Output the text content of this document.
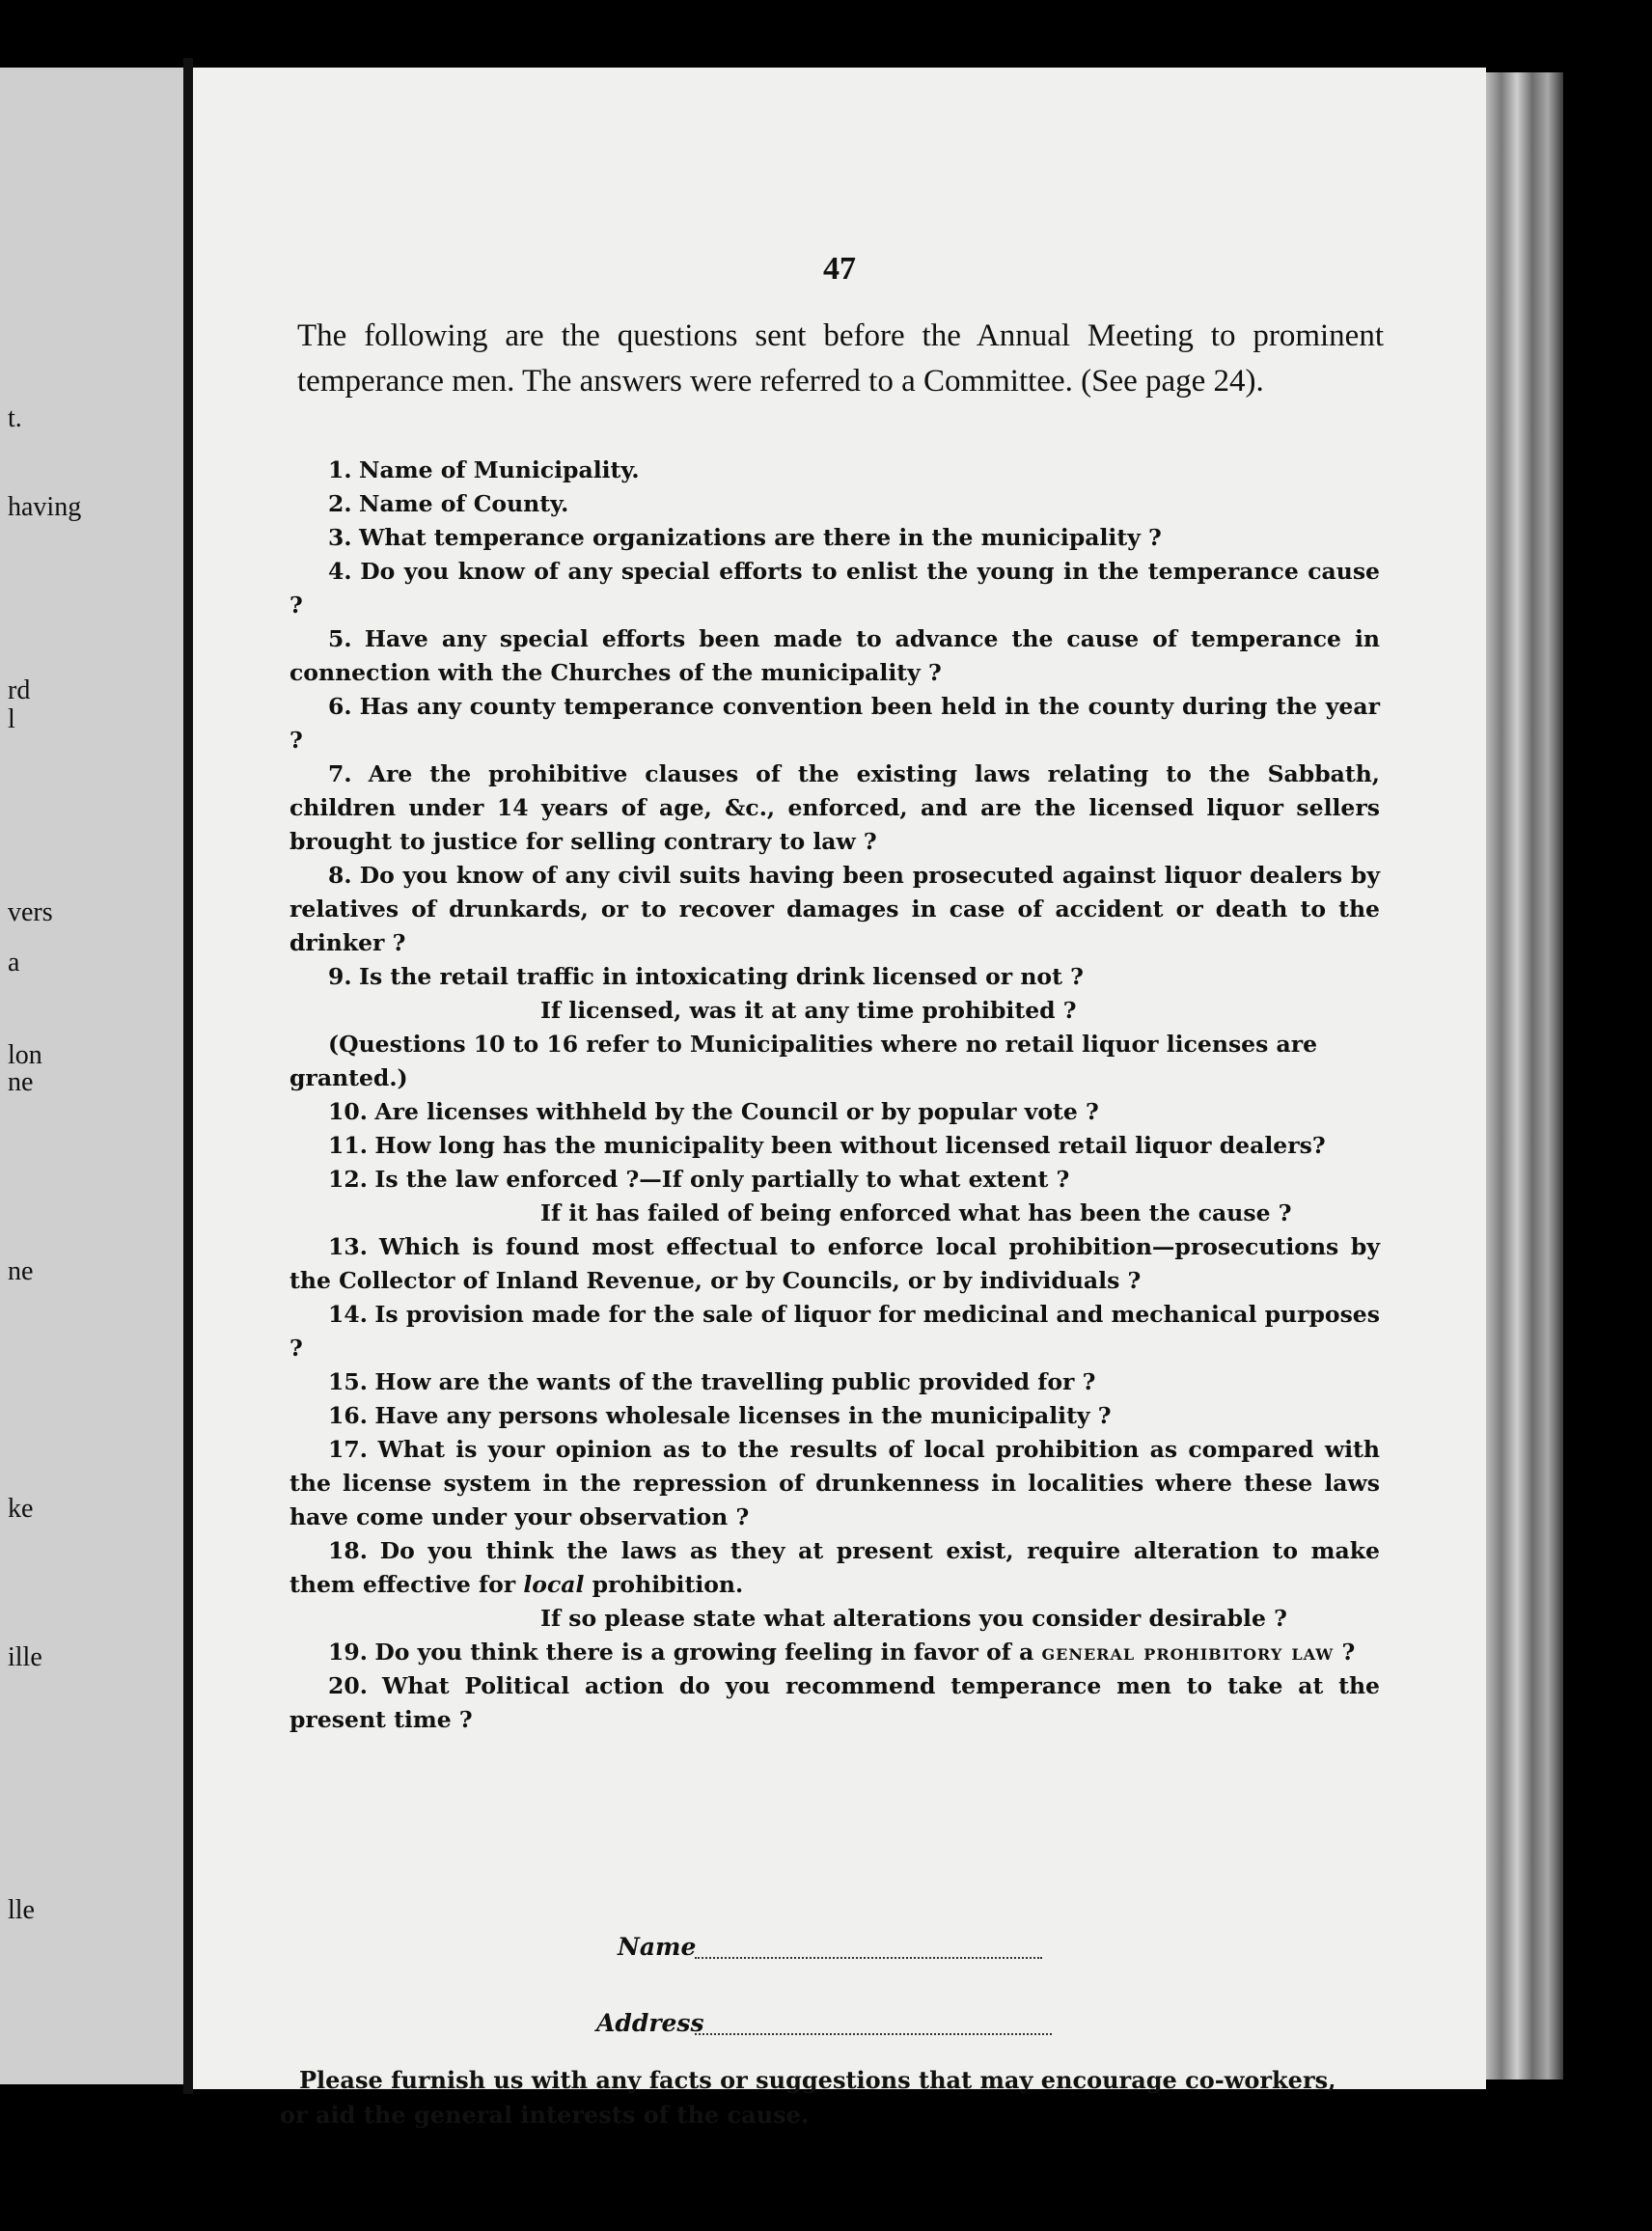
t.
having
rd
l
vers
a
lon
ne
ne
ke
ille
lle
47
The following are the questions sent before the Annual Meeting to prominent temperance men. The answers were referred to a Committee. (See page 24).

1. Name of Municipality.

2. Name of County.

3. What temperance organizations are there in the municipality ?

4. Do you know of any special efforts to enlist the young in the temperance cause ?

5. Have any special efforts been made to advance the cause of temperance in connection with the Churches of the municipality ?

6. Has any county temperance convention been held in the county during the year ?

7. Are the prohibitive clauses of the existing laws relating to the Sabbath, children under 14 years of age, &c., enforced, and are the licensed liquor sellers brought to justice for selling contrary to law ?

8. Do you know of any civil suits having been prosecuted against liquor dealers by relatives of drunkards, or to recover damages in case of accident or death to the drinker ?

9. Is the retail traffic in intoxicating drink licensed or not ?

If licensed, was it at any time prohibited ?

(Questions 10 to 16 refer to Municipalities where no retail liquor licenses are granted.)

10. Are licenses withheld by the Council or by popular vote ?

11. How long has the municipality been without licensed retail liquor dealers?

12. Is the law enforced ?—If only partially to what extent ?

If it has failed of being enforced what has been the cause ?

13. Which is found most effectual to enforce local prohibition—prosecutions by the Collector of Inland Revenue, or by Councils, or by individuals ?

14. Is provision made for the sale of liquor for medicinal and mechanical purposes ?

15. How are the wants of the travelling public provided for ?

16. Have any persons wholesale licenses in the municipality ?

17. What is your opinion as to the results of local prohibition as compared with the license system in the repression of drunkenness in localities where these laws have come under your observation ?

18. Do you think the laws as they at present exist, require alteration to make them effective for local prohibition.

If so please state what alterations you consider desirable ?

19. Do you think there is a growing feeling in favor of a general prohibitory law ?

20. What Political action do you recommend temperance men to take at the present time ?

Name
Address

Please furnish us with any facts or suggestions that may encourage co-workers,

or aid the general interests of the cause.
